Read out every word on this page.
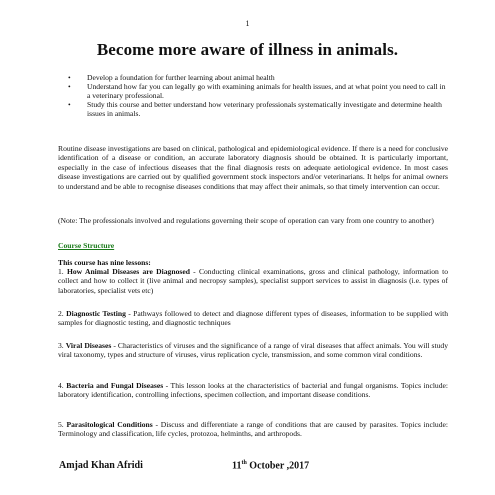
1
Become more aware of illness in animals.
• Develop a foundation for further learning about animal health
• Understand how far you can legally go with examining animals for health issues, and at what point you need to call in a veterinary professional.
• Study this course and better understand how veterinary professionals systematically investigate and determine health issues in animals.
Routine disease investigations are based on clinical, pathological and epidemiological evidence. If there is a need for conclusive identification of a disease or condition, an accurate laboratory diagnosis should be obtained. It is particularly important, especially in the case of infectious diseases that the final diagnosis rests on adequate aetiological evidence. In most cases disease investigations are carried out by qualified government stock inspectors and/or veterinarians. It helps for animal owners to understand and be able to recognise diseases conditions that may affect their animals, so that timely intervention can occur.
(Note: The professionals involved and regulations governing their scope of operation can vary from one country to another)
Course Structure
This course has nine lessons:
1. How Animal Diseases are Diagnosed - Conducting clinical examinations, gross and clinical pathology, information to collect and how to collect it (live animal and necropsy samples), specialist support services to assist in diagnosis (i.e. types of laboratories, specialist vets etc)
2. Diagnostic Testing - Pathways followed to detect and diagnose different types of diseases, information to be supplied with samples for diagnostic testing, and diagnostic techniques
3. Viral Diseases - Characteristics of viruses and the significance of a range of viral diseases that affect animals. You will study viral taxonomy, types and structure of viruses, virus replication cycle, transmission, and some common viral conditions.
4. Bacteria and Fungal Diseases - This lesson looks at the characteristics of bacterial and fungal organisms. Topics include: laboratory identification, controlling infections, specimen collection, and important disease conditions.
5. Parasitological Conditions - Discuss and differentiate a range of conditions that are caused by parasites. Topics include: Terminology and classification, life cycles, protozoa, helminths, and arthropods.
Amjad Khan Afridi	11th October ,2017
